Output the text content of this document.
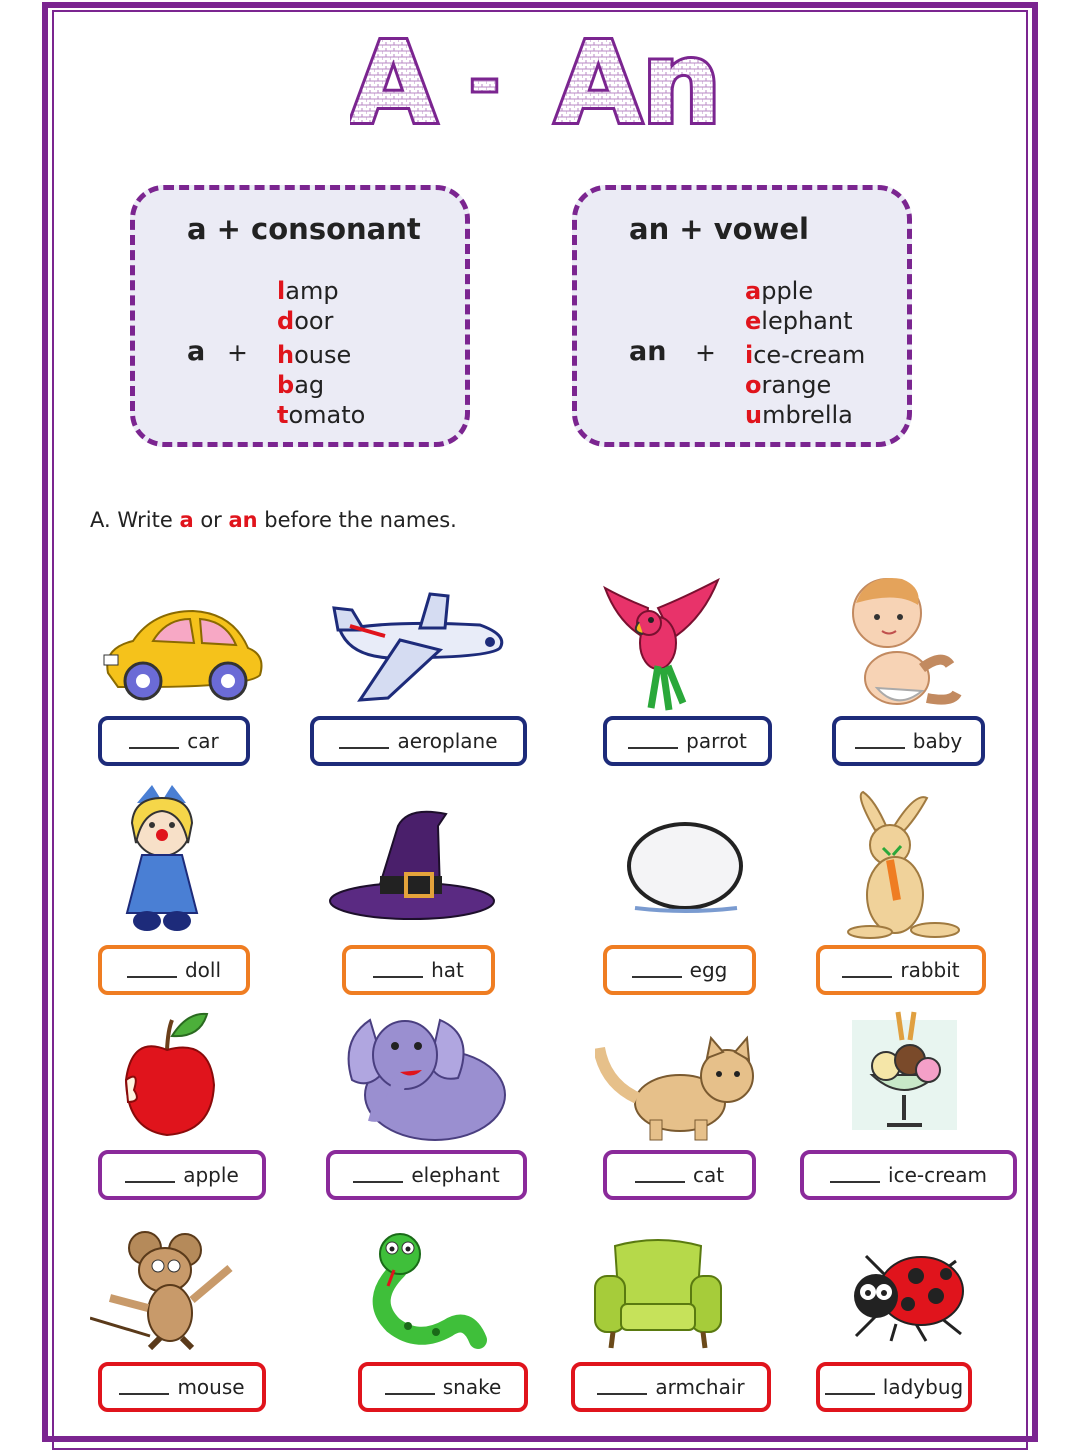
A - An
a + consonant
a +
lamp
door
house
bag
tomato
an + vowel
an +
apple
elephant
ice-cream
orange
umbrella
A. Write a or an before the names.
car	aeroplane	parrot	baby
doll	hat	egg	rabbit
apple	elephant	cat	ice-cream
mouse	snake	armchair	ladybug
